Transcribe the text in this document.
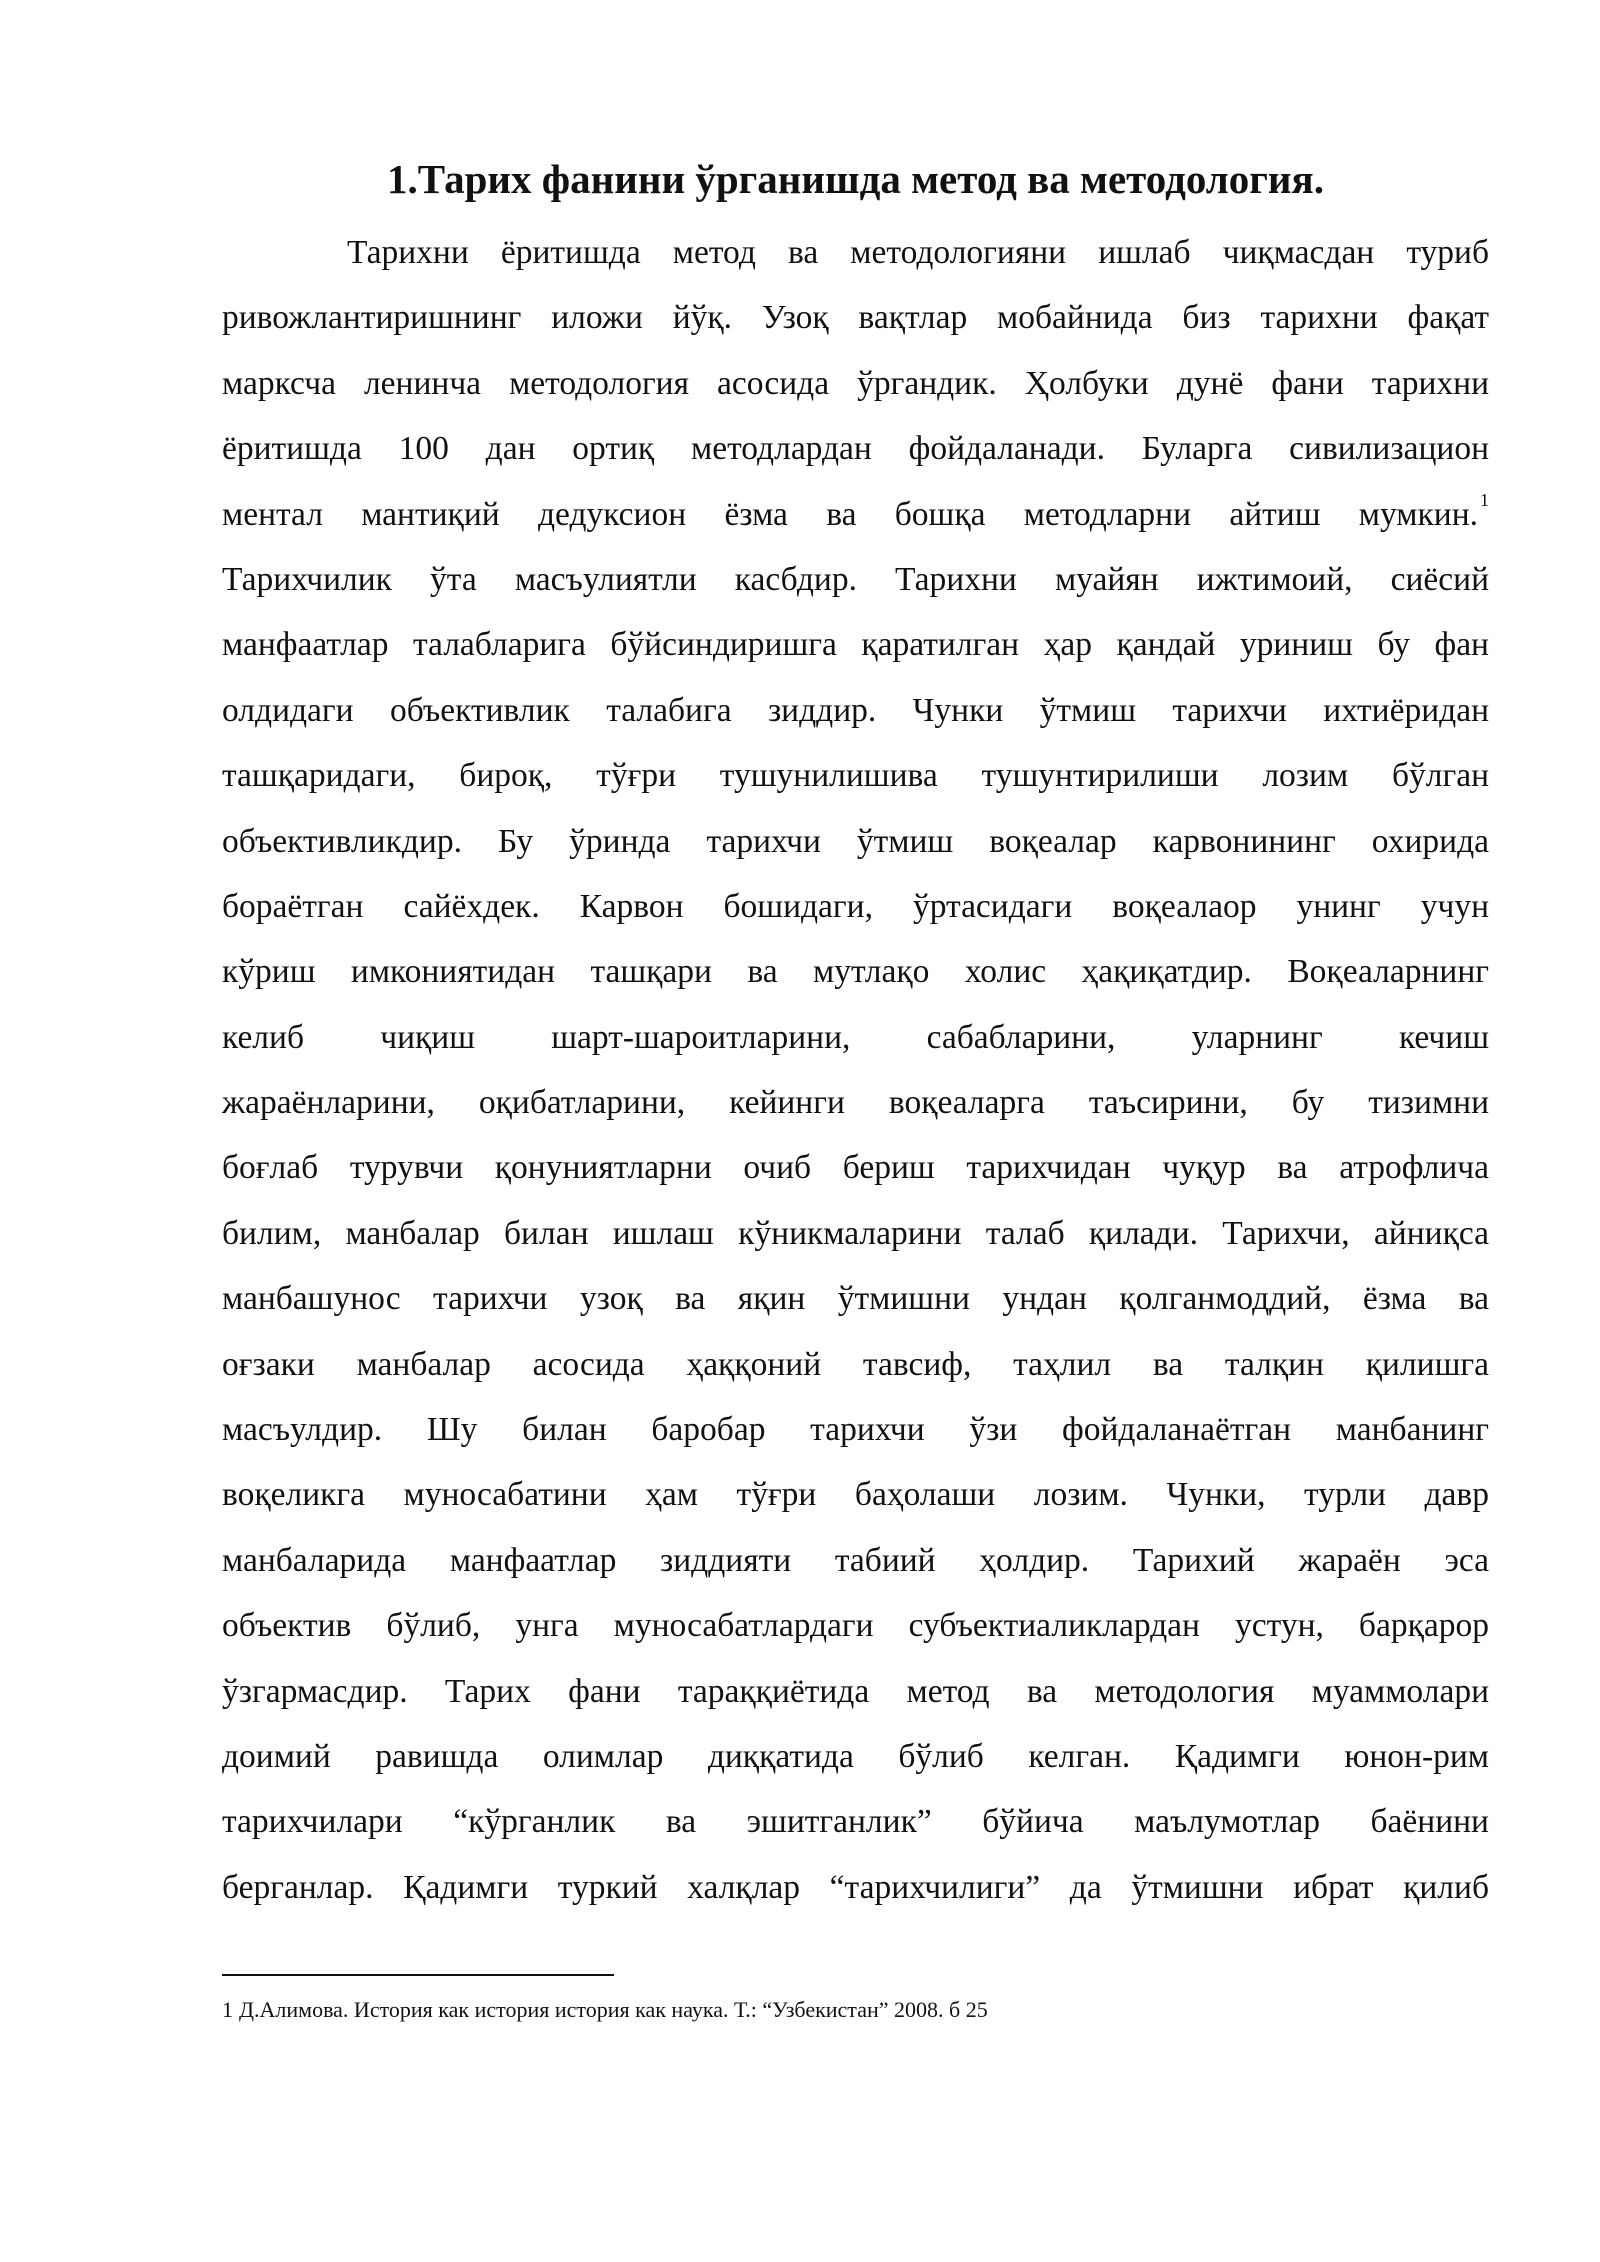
1.Тарих фанини ўрганишда метод ва методология.
Тарихни ёритишда метод ва методологияни ишлаб чиқмасдан туриб
ривожлантиришнинг иложи йўқ. Узоқ вақтлар мобайнида биз тарихни фақат
марксча ленинча методология асосида ўргандик. Ҳолбуки дунё фани тарихни
ёритишда 100 дан ортиқ методлардан фойдаланади. Буларга сивилизацион
ментал мантиқий дедуксион ёзма ва бошқа методларни айтиш мумкин. $^1$
Тарихчилик ўта масъулиятли касбдир. Тарихни муайян ижтимоий, сиёсий
манфаатлар талабларига бўйсиндиришга қаратилган ҳар қандай уриниш бу фан
олдидаги объективлик талабига зиддир. Чунки ўтмиш тарихчи ихтиёридан
ташқаридаги, бироқ, тўғри тушунилишива тушунтирилиши лозим бўлган
объективликдир. Бу ўринда тарихчи ўтмиш воқеалар карвонининг охирида
бораётган сайёхдек. Карвон бошидаги, ўртасидаги воқеалаор унинг учун
кўриш имкониятидан ташқари ва мутлақо холис ҳақиқатдир. Воқеаларнинг
келиб чиқиш шарт-шароитларини, сабабларини, уларнинг кечиш
жараёнларини, оқибатларини, кейинги воқеаларга таъсирини, бу тизимни
боғлаб турувчи қонуниятларни очиб бериш тарихчидан чуқур ва атрофлича
билим, манбалар билан ишлаш кўникмаларини талаб қилади. Тарихчи, айниқса
манбашунос тарихчи узоқ ва яқин ўтмишни ундан қолганмоддий, ёзма ва
оғзаки манбалар асосида ҳаққоний тавсиф, таҳлил ва талқин қилишга
масъулдир. Шу билан баробар тарихчи ўзи фойдаланаётган манбанинг
воқеликга муносабатини ҳам тўғри баҳолаши лозим. Чунки, турли давр
манбаларида манфаатлар зиддияти табиий ҳолдир. Тарихий жараён эса
объектив бўлиб, унга муносабатлардаги субъектиаликлардан устун, барқарор
ўзгармасдир. Тарих фани тараққиётида метод ва методология муаммолари
доимий равишда олимлар диққатида бўлиб келган. Қадимги юнон-рим
тарихчилари “кўрганлик ва эшитганлик” бўйича маълумотлар баёнини
берганлар. Қадимги туркий халқлар “тарихчилиги” да ўтмишни ибрат қилиб

1 Д.Алимова. История как история история как наука. Т.: “Узбекистан” 2008. б 25
